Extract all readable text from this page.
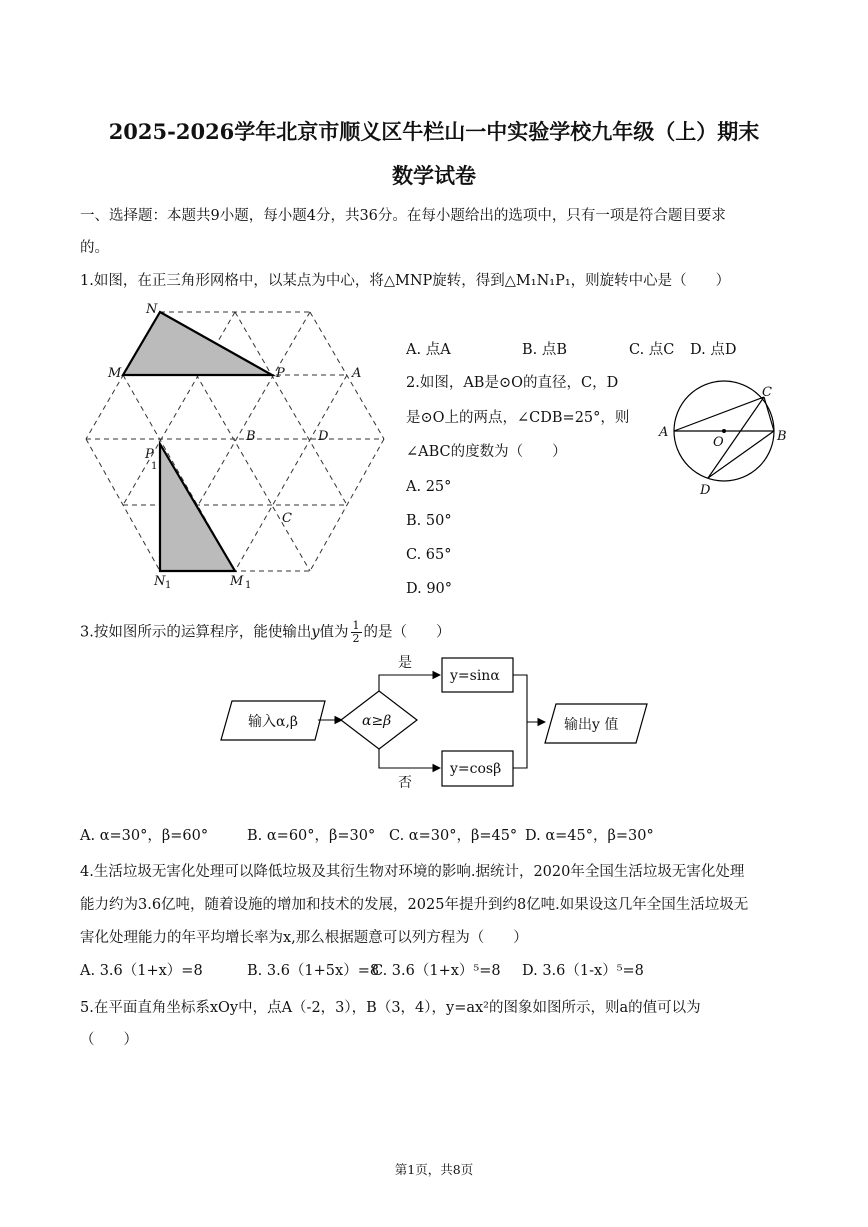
2025-2026学年北京市顺义区牛栏山一中实验学校九年级（上）期末
数学试卷
一、选择题：本题共9小题，每小题4分，共36分。在每小题给出的选项中，只有一项是符合题目要求
的。
1.如图，在正三角形网格中，以某点为中心，将△MNP旋转，得到△M₁N₁P₁，则旋转中心是（　　）
N
M	P	A
B	D
C
P
1
N 1	M 1
A. 点A	B. 点B	C. 点C D. 点D
2.如图，AB是⊙O的直径，C，D
是⊙O上的两点，∠CDB=25°，则
∠ABC的度数为（　　）
A. 25°
B. 50°
C. 65°
D. 90°
A	B
C
D
O
3.按如图所示的运算程序，能使输出y值为 $\frac{1}{2}$ 的是（　　）
输入α,β	α≥β
是
否
y=sinα
y=cosβ
输出y 值
A. α=30°，β=60°	B. α=60°，β=30° C. α=30°，β=45° D. α=45°，β=30°
4.生活垃圾无害化处理可以降低垃圾及其衍生物对环境的影响.据统计，2020年全国生活垃圾无害化处理
能力约为3.6亿吨，随着设施的增加和技术的发展，2025年提升到约8亿吨.如果设这几年全国生活垃圾无
害化处理能力的年平均增长率为x,那么根据题意可以列方程为（　　）
A. 3.6（1+x）=8	B. 3.6（1+5x）=8
C. 3.6（1+x）⁵=8 D. 3.6（1-x）⁵=8
5.在平面直角坐标系xOy中，点A（-2，3），B（3，4），y=ax²的图象如图所示，则a的值可以为
（　　）
第1页，共8页
